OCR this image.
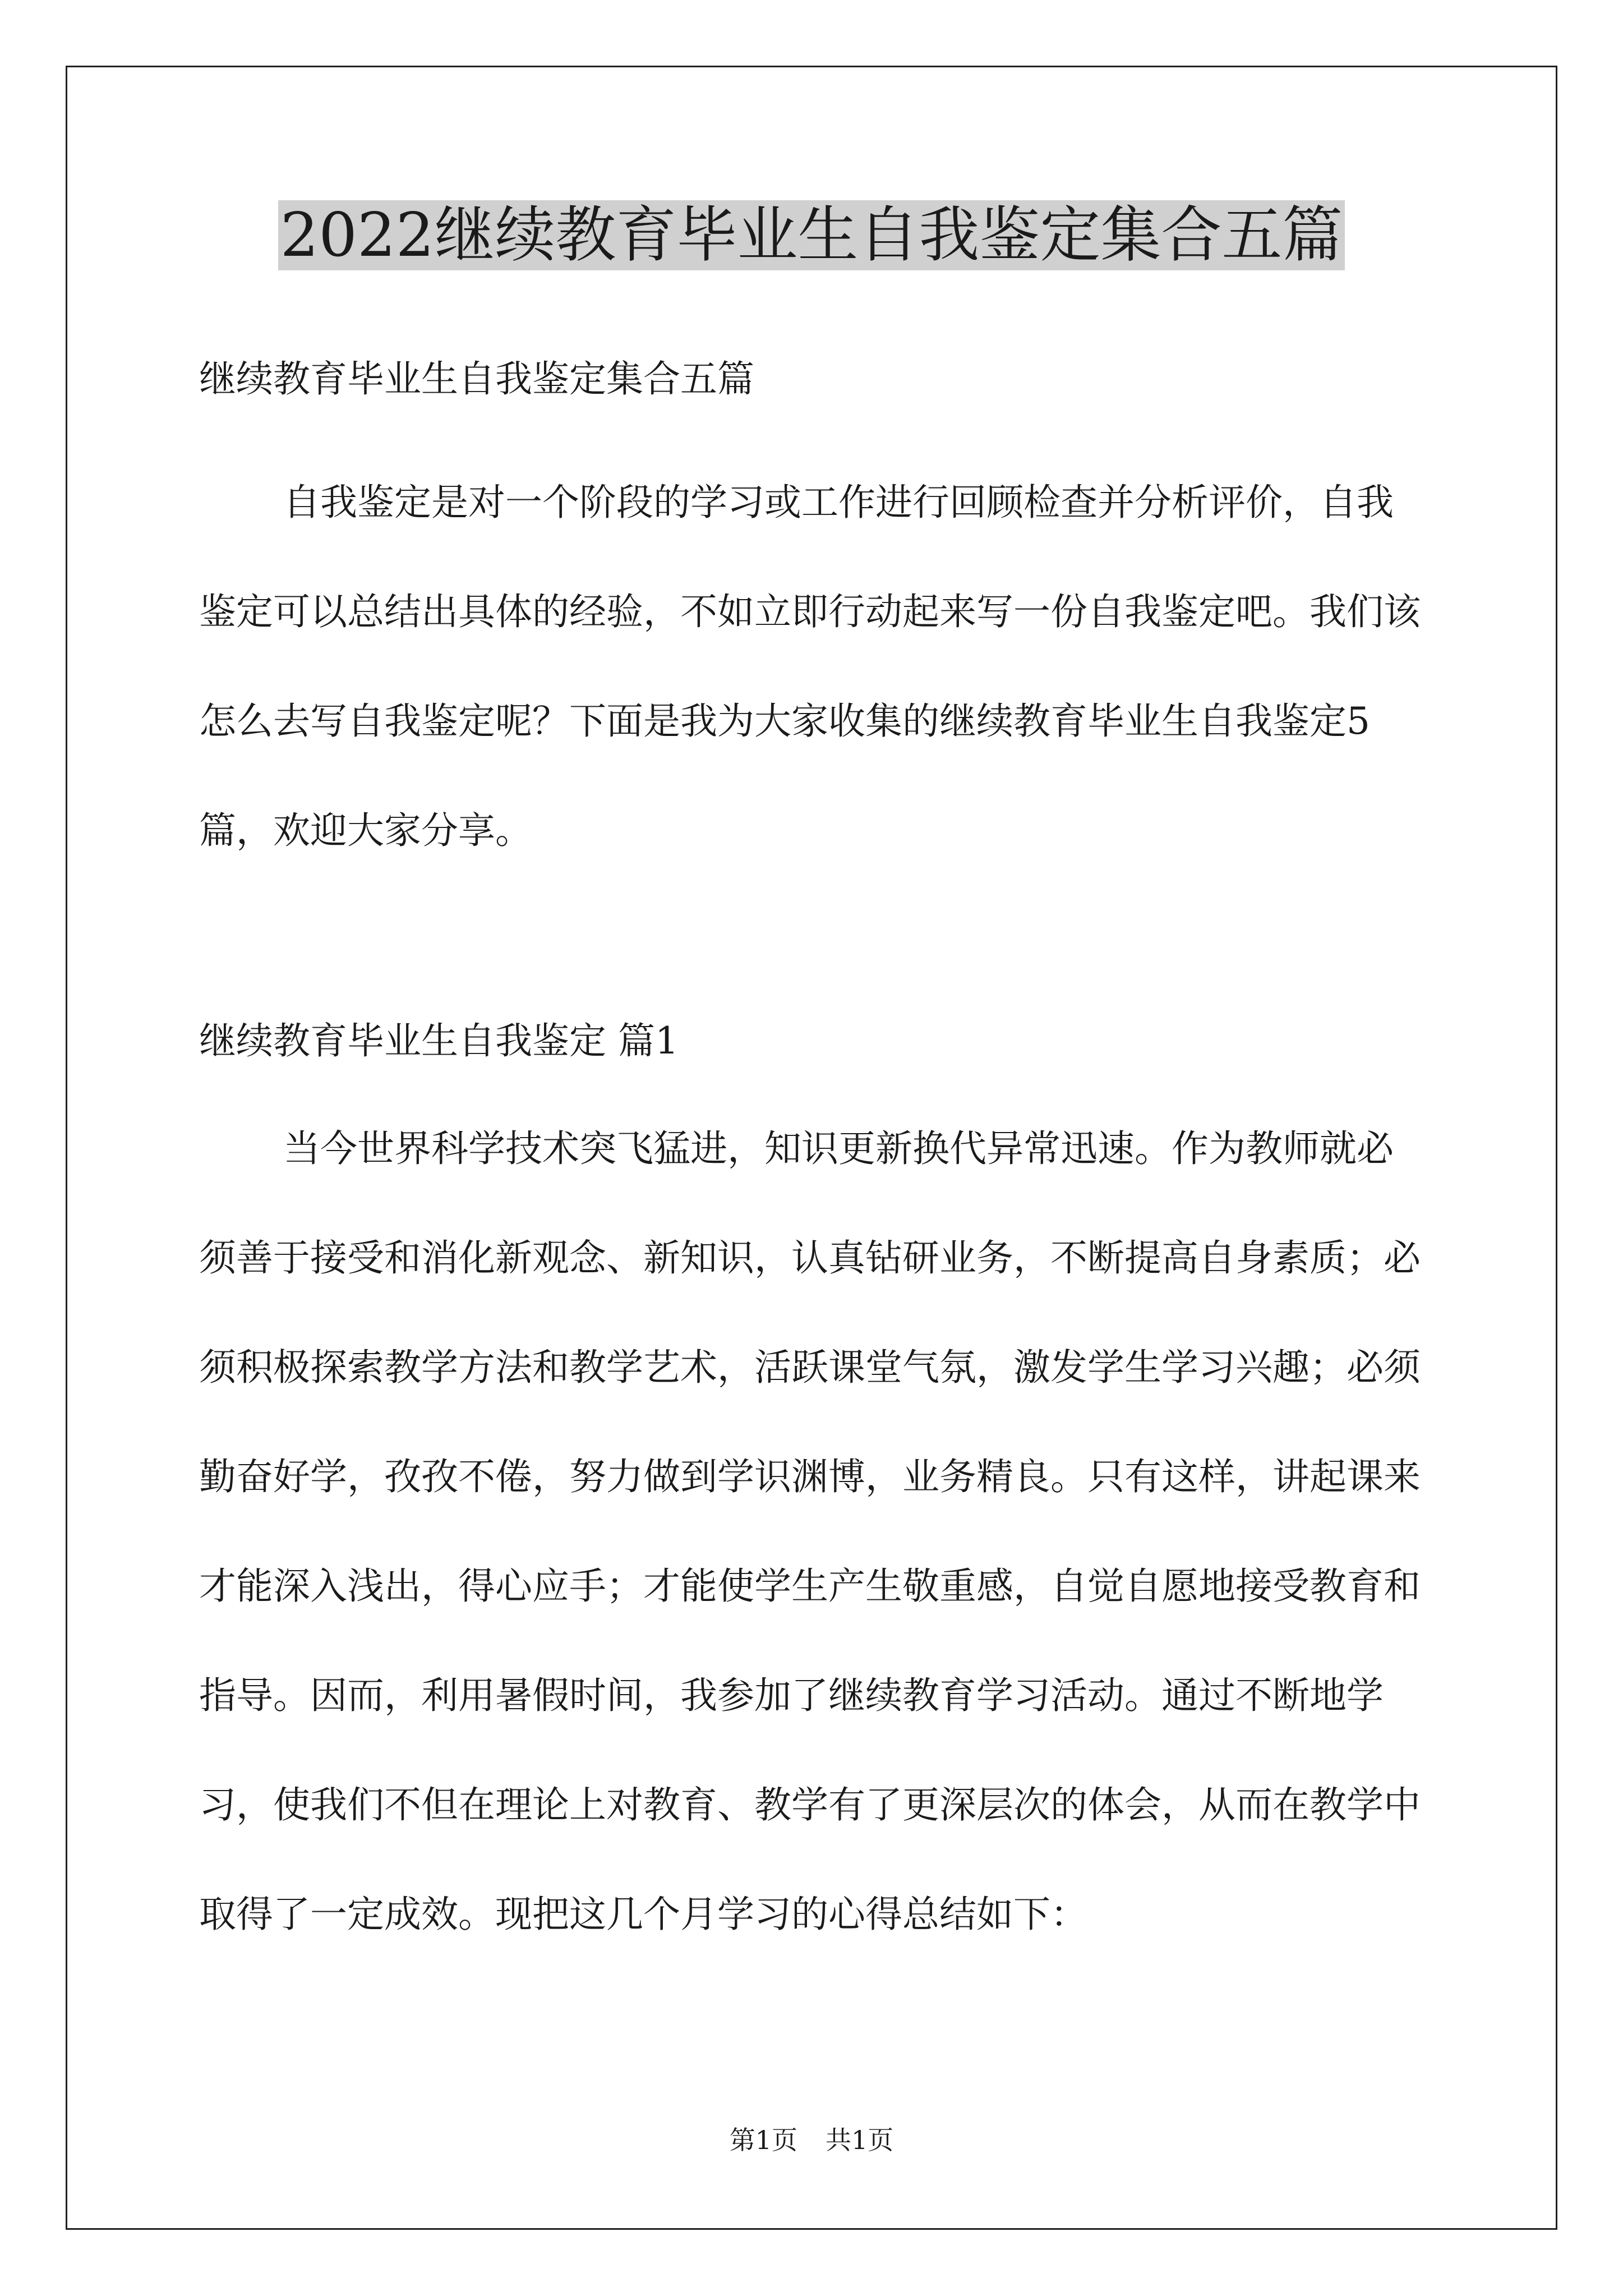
2022继续教育毕业生自我鉴定集合五篇

继续教育毕业生自我鉴定集合五篇

自我鉴定是对一个阶段的学习或工作进行回顾检查并分析评价，自我鉴定可以总结出具体的经验，不如立即行动起来写一份自我鉴定吧。我们该怎么去写自我鉴定呢？下面是我为大家收集的继续教育毕业生自我鉴定5篇，欢迎大家分享。

继续教育毕业生自我鉴定 篇1

当今世界科学技术突飞猛进，知识更新换代异常迅速。作为教师就必须善于接受和消化新观念、新知识，认真钻研业务，不断提高自身素质；必须积极探索教学方法和教学艺术，活跃课堂气氛，激发学生学习兴趣；必须勤奋好学，孜孜不倦，努力做到学识渊博，业务精良。只有这样，讲起课来才能深入浅出，得心应手；才能使学生产生敬重感，自觉自愿地接受教育和指导。因而，利用暑假时间，我参加了继续教育学习活动。通过不断地学习，使我们不但在理论上对教育、教学有了更深层次的体会，从而在教学中取得了一定成效。现把这几个月学习的心得总结如下：

第1页 共1页
